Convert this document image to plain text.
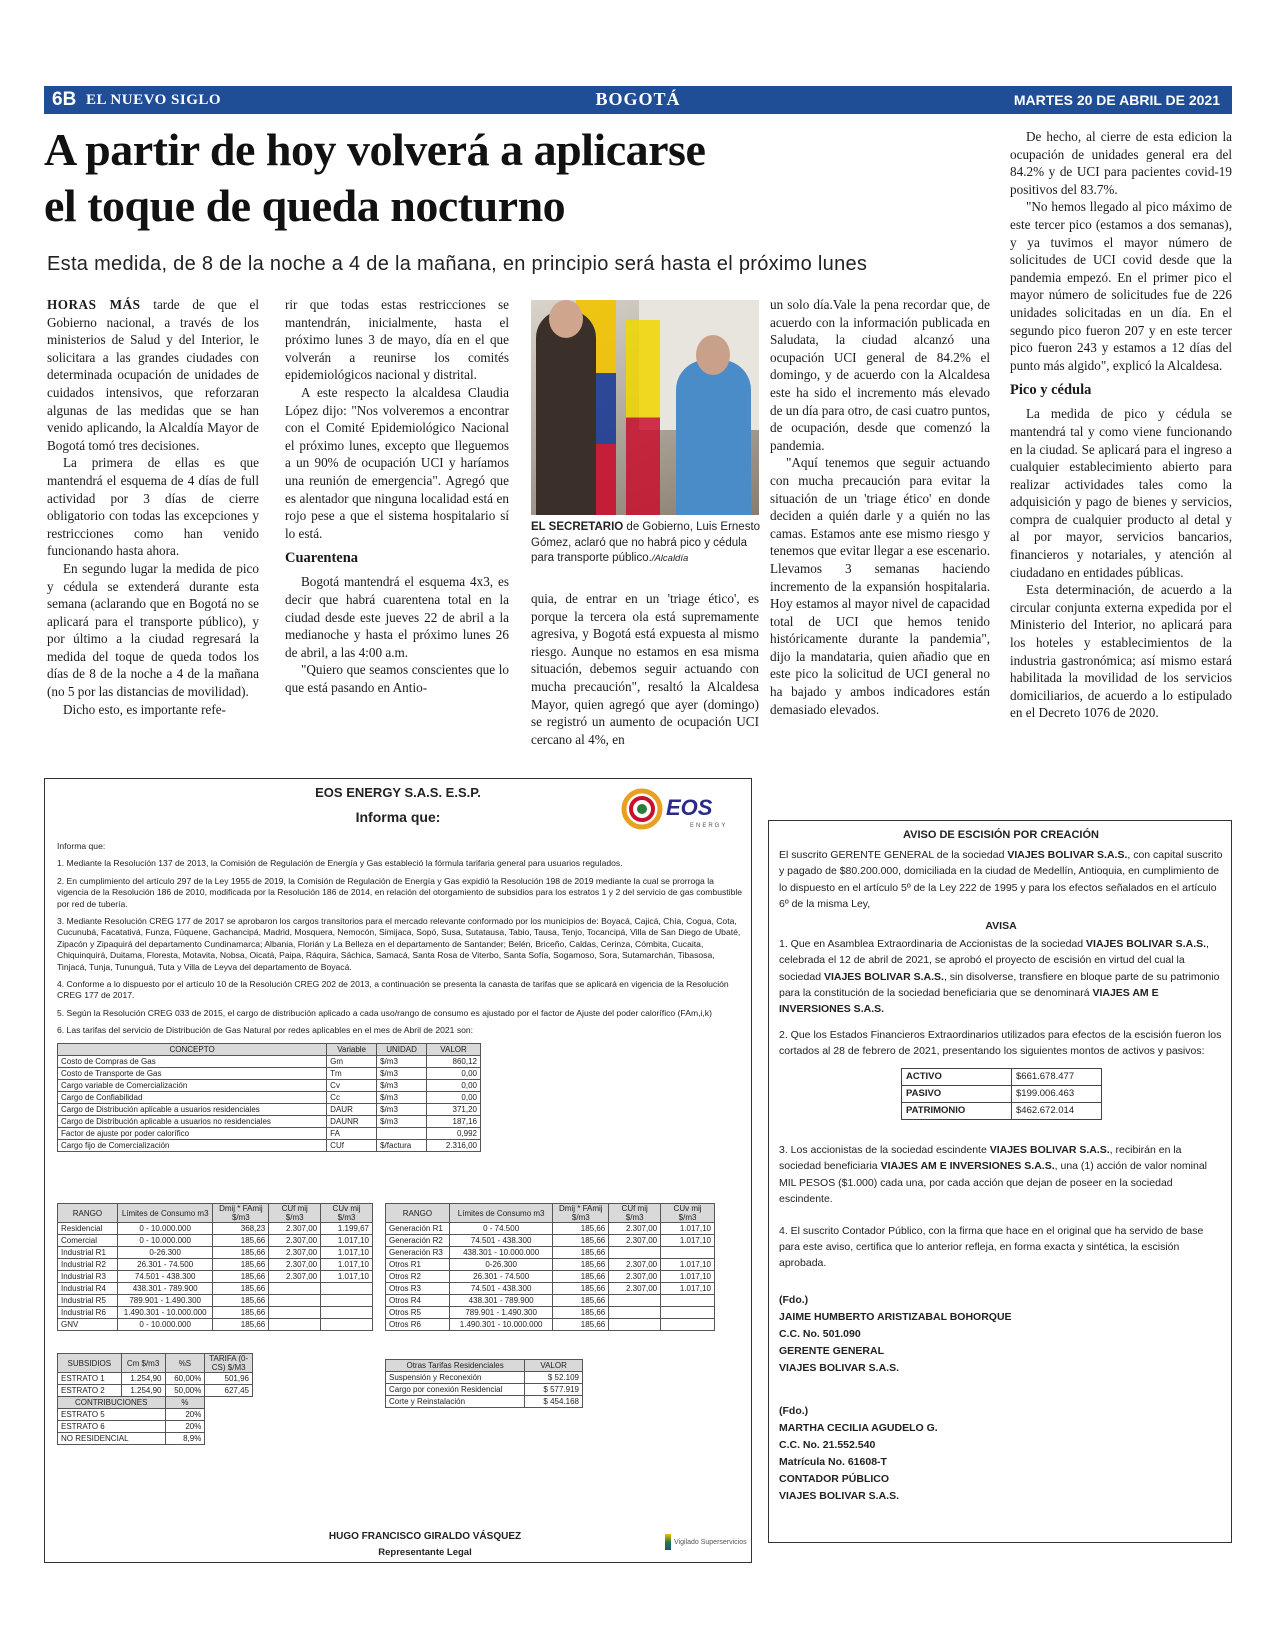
6B EL NUEVO SIGLO	BOGOTÁ	MARTES 20 DE ABRIL DE 2021
A partir de hoy volverá a aplicarse
el toque de queda nocturno
Esta medida, de 8 de la noche a 4 de la mañana, en principio será hasta el próximo lunes

HORAS MÁS tarde de que el Gobierno nacional, a través de los ministerios de Salud y del Interior, le solicitara a las grandes ciudades con determinada ocupación de unidades de cuidados intensivos, que reforzaran algunas de las medidas que se han venido aplicando, la Alcaldía Mayor de Bogotá tomó tres decisiones.

La primera de ellas es que mantendrá el esquema de 4 días de full actividad por 3 días de cierre obligatorio con todas las excepciones y restricciones como han venido funcionando hasta ahora.

En segundo lugar la medida de pico y cédula se extenderá durante esta semana (aclarando que en Bogotá no se aplicará para el transporte público), y por último a la ciudad regresará la medida del toque de queda todos los días de 8 de la noche a 4 de la mañana (no 5 por las distancias de movilidad).

Dicho esto, es importante refe-

rir que todas estas restricciones se mantendrán, inicialmente, hasta el próximo lunes 3 de mayo, día en el que volverán a reunirse los comités epidemiológicos nacional y distrital.

A este respecto la alcaldesa Claudia López dijo: "Nos volveremos a encontrar con el Comité Epidemiológico Nacional el próximo lunes, excepto que lleguemos a un 90% de ocupación UCI y haríamos una reunión de emergencia". Agregó que es alentador que ninguna localidad está en rojo pese a que el sistema hospitalario sí lo está.

Cuarentena

Bogotá mantendrá el esquema 4x3, es decir que habrá cuarentena total en la ciudad desde este jueves 22 de abril a la medianoche y hasta el próximo lunes 26 de abril, a las 4:00 a.m.

"Quiero que seamos conscientes que lo que está pasando en Antio-

EL SECRETARIO de Gobierno, Luis Ernesto Gómez, aclaró que no habrá pico y cédula para transporte público./Alcaldía

quia, de entrar en un 'triage ético', es porque la tercera ola está supremamente agresiva, y Bogotá está expuesta al mismo riesgo. Aunque no estamos en esa misma situación, debemos seguir actuando con mucha precaución", resaltó la Alcaldesa Mayor, quien agregó que ayer (domingo) se registró un aumento de ocupación UCI cercano al 4%, en

un solo día.Vale la pena recordar que, de acuerdo con la información publicada en Saludata, la ciudad alcanzó una ocupación UCI general de 84.2% el domingo, y de acuerdo con la Alcaldesa este ha sido el incremento más elevado de un día para otro, de casi cuatro puntos, de ocupación, desde que comenzó la pandemia.

"Aquí tenemos que seguir actuando con mucha precaución para evitar la situación de un 'triage ético' en donde deciden a quién darle y a quién no las camas. Estamos ante ese mismo riesgo y tenemos que evitar llegar a ese escenario. Llevamos 3 semanas haciendo incremento de la expansión hospitalaria. Hoy estamos al mayor nivel de capacidad total de UCI que hemos tenido históricamente durante la pandemia", dijo la mandataria, quien añadio que en este pico la solicitud de UCI general no ha bajado y ambos indicadores están demasiado elevados.

De hecho, al cierre de esta edicion la ocupación de unidades general era del 84.2% y de UCI para pacientes covid-19 positivos del 83.7%.

"No hemos llegado al pico máximo de este tercer pico (estamos a dos semanas), y ya tuvimos el mayor número de solicitudes de UCI covid desde que la pandemia empezó. En el primer pico el mayor número de solicitudes fue de 226 unidades solicitadas en un día. En el segundo pico fueron 207 y en este tercer pico fueron 243 y estamos a 12 días del punto más algido", explicó la Alcaldesa.

Pico y cédula

La medida de pico y cédula se mantendrá tal y como viene funcionando en la ciudad. Se aplicará para el ingreso a cualquier establecimiento abierto para realizar actividades tales como la adquisición y pago de bienes y servicios, compra de cualquier producto al detal y al por mayor, servicios bancarios, financieros y notariales, y atención al ciudadano en entidades públicas.

Esta determinación, de acuerdo a la circular conjunta externa expedida por el Ministerio del Interior, no aplicará para los hoteles y establecimientos de la industria gastronómica; así mismo estará habilitada la movilidad de los servicios domiciliarios, de acuerdo a lo estipulado en el Decreto 1076 de 2020.

EOS ENERGY S.A.S. E.S.P.
Informa que:	EOS
ENERGY

Informa que:

1. Mediante la Resolución 137 de 2013, la Comisión de Regulación de Energía y Gas estableció la fórmula tarifaria general para usuarios regulados.

2. En cumplimiento del artículo 297 de la Ley 1955 de 2019, la Comisión de Regulación de Energía y Gas expidió la Resolución 198 de 2019 mediante la cual se prorroga la vigencia de la Resolución 186 de 2010, modificada por la Resolución 186 de 2014, en relación del otorgamiento de subsidios para los estratos 1 y 2 del servicio de gas combustible por red de tubería.

3. Mediante Resolución CREG 177 de 2017 se aprobaron los cargos transitorios para el mercado relevante conformado por los municipios de: Boyacá, Cajicá, Chía, Cogua, Cota, Cucunubá, Facatativá, Funza, Fúquene, Gachancipá, Madrid, Mosquera, Nemocón, Simijaca, Sopó, Susa, Sutatausa, Tabio, Tausa, Tenjo, Tocancipá, Villa de San Diego de Ubaté, Zipacón y Zipaquirá del departamento Cundinamarca; Albania, Florián y La Belleza en el departamento de Santander; Belén, Briceño, Caldas, Cerinza, Cómbita, Cucaita, Chiquinquirá, Duitama, Floresta, Motavita, Nobsa, Oicatá, Paipa, Ráquira, Sáchica, Samacá, Santa Rosa de Viterbo, Santa Sofía, Sogamoso, Sora, Sutamarchán, Tibasosa, Tinjacá, Tunja, Tununguá, Tuta y Villa de Leyva del departamento de Boyacá.

4. Conforme a lo dispuesto por el artículo 10 de la Resolución CREG 202 de 2013, a continuación se presenta la canasta de tarifas que se aplicará en vigencia de la Resolución CREG 177 de 2017.

5. Según la Resolución CREG 033 de 2015, el cargo de distribución aplicado a cada uso/rango de consumo es ajustado por el factor de Ajuste del poder calorífico (FAm,i,k)

6. Las tarifas del servicio de Distribución de Gas Natural por redes aplicables en el mes de Abril de 2021 son:

CONCEPTO	Variable	UNIDAD	VALOR
Costo de Compras de Gas	Gm	$/m3	860,12
Costo de Transporte de Gas	Tm	$/m3	0,00
Cargo variable de Comercialización	Cv	$/m3	0,00
Cargo de Confiabilidad	Cc	$/m3	0,00
Cargo de Distribución aplicable a usuarios residenciales	DAUR	$/m3	371,20
Cargo de Distribución aplicable a usuarios no residenciales	DAUNR	$/m3	187,16
Factor de ajuste por poder calorífico	FA		0,992
Cargo fijo de Comercialización	CUf	$/factura	2.316,00
RANGO	Límites de Consumo m3	Dmij * FAmij $/m3	CUf mij $/m3	CUv mij $/m3
Residencial	0 - 10.000.000	368,23	2.307,00	1.199,67
Comercial	0 - 10.000.000	185,66	2.307,00	1.017,10
Industrial R1	0-26.300	185,66	2.307,00	1.017,10
Industrial R2	26.301 - 74.500	185,66	2.307,00	1.017,10
Industrial R3	74.501 - 438.300	185,66	2.307,00	1.017,10
Industrial R4	438.301 - 789.900	185,66		
Industrial R5	789.901 - 1.490.300	185,66		
Industrial R6	1.490.301 - 10.000.000	185,66		
GNV	0 - 10.000.000	185,66		
RANGO	Límites de Consumo m3	Dmij * FAmij $/m3	CUf mij $/m3	CUv mij $/m3
Generación R1	0 - 74.500	185,66	2.307,00	1.017,10
Generación R2	74.501 - 438.300	185,66	2.307,00	1.017,10
Generación R3	438.301 - 10.000.000	185,66		
Otros R1	0-26.300	185,66	2.307,00	1.017,10
Otros R2	26.301 - 74.500	185,66	2.307,00	1.017,10
Otros R3	74.501 - 438.300	185,66	2.307,00	1.017,10
Otros R4	438.301 - 789.900	185,66		
Otros R5	789.901 - 1.490.300	185,66		
Otros R6	1.490.301 - 10.000.000	185,66		
SUBSIDIOS	Cm $/m3	%S	TARIFA (0-CS) $/M3
ESTRATO 1	1.254,90	60,00%	501,96
ESTRATO 2	1.254,90	50,00%	627,45
CONTRIBUCIONES		%	
ESTRATO 5		20%	
ESTRATO 6		20%	
NO RESIDENCIAL		8,9%	
Otras Tarifas Residenciales	VALOR
Suspensión y Reconexión	$ 52.109
Cargo por conexión Residencial	$ 577.919
Corte y Reinstalación	$ 454.168
HUGO FRANCISCO GIRALDO VÁSQUEZ
Representante Legal
Vigilado Superservicios
AVISO DE ESCISIÓN POR CREACIÓN

El suscrito GERENTE GENERAL de la sociedad VIAJES BOLIVAR S.A.S., con capital suscrito y pagado de $80.200.000, domiciliada en la ciudad de Medellín, Antioquia, en cumplimiento de lo dispuesto en el artículo 5º de la Ley 222 de 1995 y para los efectos señalados en el artículo 6º de la misma Ley,

AVISA

1. Que en Asamblea Extraordinaria de Accionistas de la sociedad VIAJES BOLIVAR S.A.S., celebrada el 12 de abril de 2021, se aprobó el proyecto de escisión en virtud del cual la sociedad VIAJES BOLIVAR S.A.S., sin disolverse, transfiere en bloque parte de su patrimonio para la constitución de la sociedad beneficiaria que se denominará VIAJES AM E INVERSIONES S.A.S.

2. Que los Estados Financieros Extraordinarios utilizados para efectos de la escisión fueron los cortados al 28 de febrero de 2021, presentando los siguientes montos de activos y pasivos:

ACTIVO	$661.678.477
PASIVO	$199.006.463
PATRIMONIO	$462.672.014

3. Los accionistas de la sociedad escindente VIAJES BOLIVAR S.A.S., recibirán en la sociedad beneficiaria VIAJES AM E INVERSIONES S.A.S., una (1) acción de valor nominal MIL PESOS ($1.000) cada una, por cada acción que dejan de poseer en la sociedad escindente.

4. El suscrito Contador Público, con la firma que hace en el original que ha servido de base para este aviso, certifica que lo anterior refleja, en forma exacta y sintética, la escisión aprobada.

(Fdo.)
JAIME HUMBERTO ARISTIZABAL BOHORQUE
C.C. No. 501.090
GERENTE GENERAL
VIAJES BOLIVAR S.A.S.
(Fdo.)
MARTHA CECILIA AGUDELO G.
C.C. No. 21.552.540
Matrícula No. 61608-T
CONTADOR PÚBLICO
VIAJES BOLIVAR S.A.S.
